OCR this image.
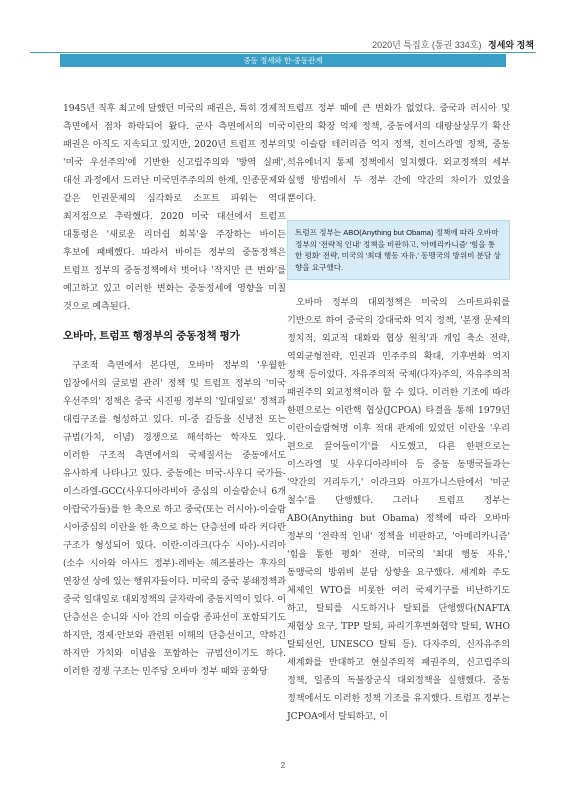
2020년 특집호 (통권 334호) 정세와 정책
중동 정세와 한-중동관계

1945년 직후 최고에 달했던 미국의 패권은, 특히 경제적 측면에서 점차 하락되어 왔다. 군사 측면에서의 미국 패권은 아직도 지속되고 있지만, 2020년 트럼프 정부의 '미국 우선주의'에 기반한 신고립주의와 '방역 실패', 대선 과정에서 드러난 미국민주주의의 한계, 인종문제와 같은 인권문제의 심각화로 소프트 파워는 역대 최저점으로 추락했다. 2020 미국 대선에서 트럼프 대통령은 '새로운 리더쉽 회복'을 주장하는 바이든 후보에 패배했다. 따라서 바이든 정부의 중동정책은 트럼프 정부의 중동정책에서 벗어나 '작지만 큰 변화'를 예고하고 있고 이러한 변화는 중동정세에 영향을 미칠 것으로 예측된다.

오바마, 트럼프 행정부의 중동정책 평가

구조적 측면에서 본다면, 오바마 정부의 '우월한 입장에서의 글로벌 관리' 정책 및 트럼프 정부의 '미국 우선주의' 정책은 중국 시진핑 정부의 '일대일로' 정책과 대립구조를 형성하고 있다. 미-중 갈등을 신냉전 또는 규범(가치, 이념) 경쟁으로 해석하는 학자도 있다. 이러한 구조적 측면에서의 국제질서는 중동에서도 유사하게 나타나고 있다. 중동에는 미국-사우디 국가들-이스라엘-GCC(사우디아라비아 중심의 이슬람순니 6개 아랍국가들)를 한 축으로 하고 중국(또는 러시아)-이슬람 시아중심의 이란을 한 축으로 하는 단층선에 따라 커다란 구조가 형성되어 있다. 이란-이라크(다수 시아)-시리아(소수 시아와 아사드 정부)-레바논 헤즈볼라는 후자의 연장선 상에 있는 행위자들이다. 미국의 중국 봉쇄정책과 중국 일대일로 대외정책의 글자락에 중동지역이 있다. 이 단층선은 순니와 시아 간의 이슬람 종파선이 포함되기도 하지만, 경제·안보와 관련된 이해의 단층선이고, 약하긴 하지만 가치와 이념을 포함하는 규범선이기도 하다. 이러한 경쟁 구조는 민주당 오바마 정부 때와 공화당

트럼프 정부 때에 큰 변화가 없었다. 중국과 러시아 및 이란의 확장 억제 정책, 중동에서의 대량살상무기 확산 및 이슬람 테러리즘 억지 정책, 친이스라엘 정책, 중동 석유에너지 통제 정책에서 일치했다. 외교정책의 세부 실행 방법에서 두 정부 간에 약간의 차이가 있었을 뿐이다.

트럼프 정부는 ABO(Anything but Obama) 정책에 따라 오바마 정부의 '전략적 인내' 정책을 비판하고, '아메리카니즘' '힘을 통한 평화' 전략, 미국의 '최대 행동 자유,' 동맹국의 방위비 분담 상향을 요구했다.

오바마 정부의 대외정책은 미국의 스마트파워를 기반으로 하여 중국의 강대국화 억지 정책, '분쟁 문제의 정치적, 외교적 대화와 협상 원칙'과 개입 축소 전략, 역외균형전략, 인권과 민주주의 확대, 기후변화 억지 정책 등이었다. 자유주의적 국제(다자)주의, 자유주의적 패권주의 외교정책이라 할 수 있다. 이러한 기조에 따라 한편으로는 이란핵 협상(JCPOA) 타결을 통해 1979년 이란이슬람혁명 이후 적대 관계에 있었던 이란을 '우리 편으로 끌어들이기'를 시도했고, 다른 한편으로는 이스라엘 및 사우디아라비아 등 중동 동맹국들과는 '약간의 거리두기,' 이라크와 아프가니스탄에서 '미군 철수'를 단행했다. 그러나 트럼프 정부는 ABO(Anything but Obama) 정책에 따라 오바마 정부의 '전략적 인내' 정책을 비판하고, '아메리카니즘' '힘을 통한 평화' 전략, 미국의 '최대 행동 자유,' 동맹국의 방위비 분담 상향을 요구했다. 세계화 주도 체제인 WTO를 비롯한 여러 국제기구를 비난하기도 하고, 탈퇴를 시도하거나 탈퇴를 단행했다(NAFTA 재협상 요구, TPP 탈퇴, 파리기후변화협약 탈퇴, WHO 탈퇴선언, UNESCO 탈퇴 등). 다자주의, 신자유주의 세계화를 반대하고 현실주의적 패권주의, 신고립주의 정책, 일종의 독불장군식 대외정책을 실행했다. 중동 정책에서도 이러한 정책 기조를 유지했다. 트럼프 정부는 JCPOA에서 탈퇴하고, 이

2
